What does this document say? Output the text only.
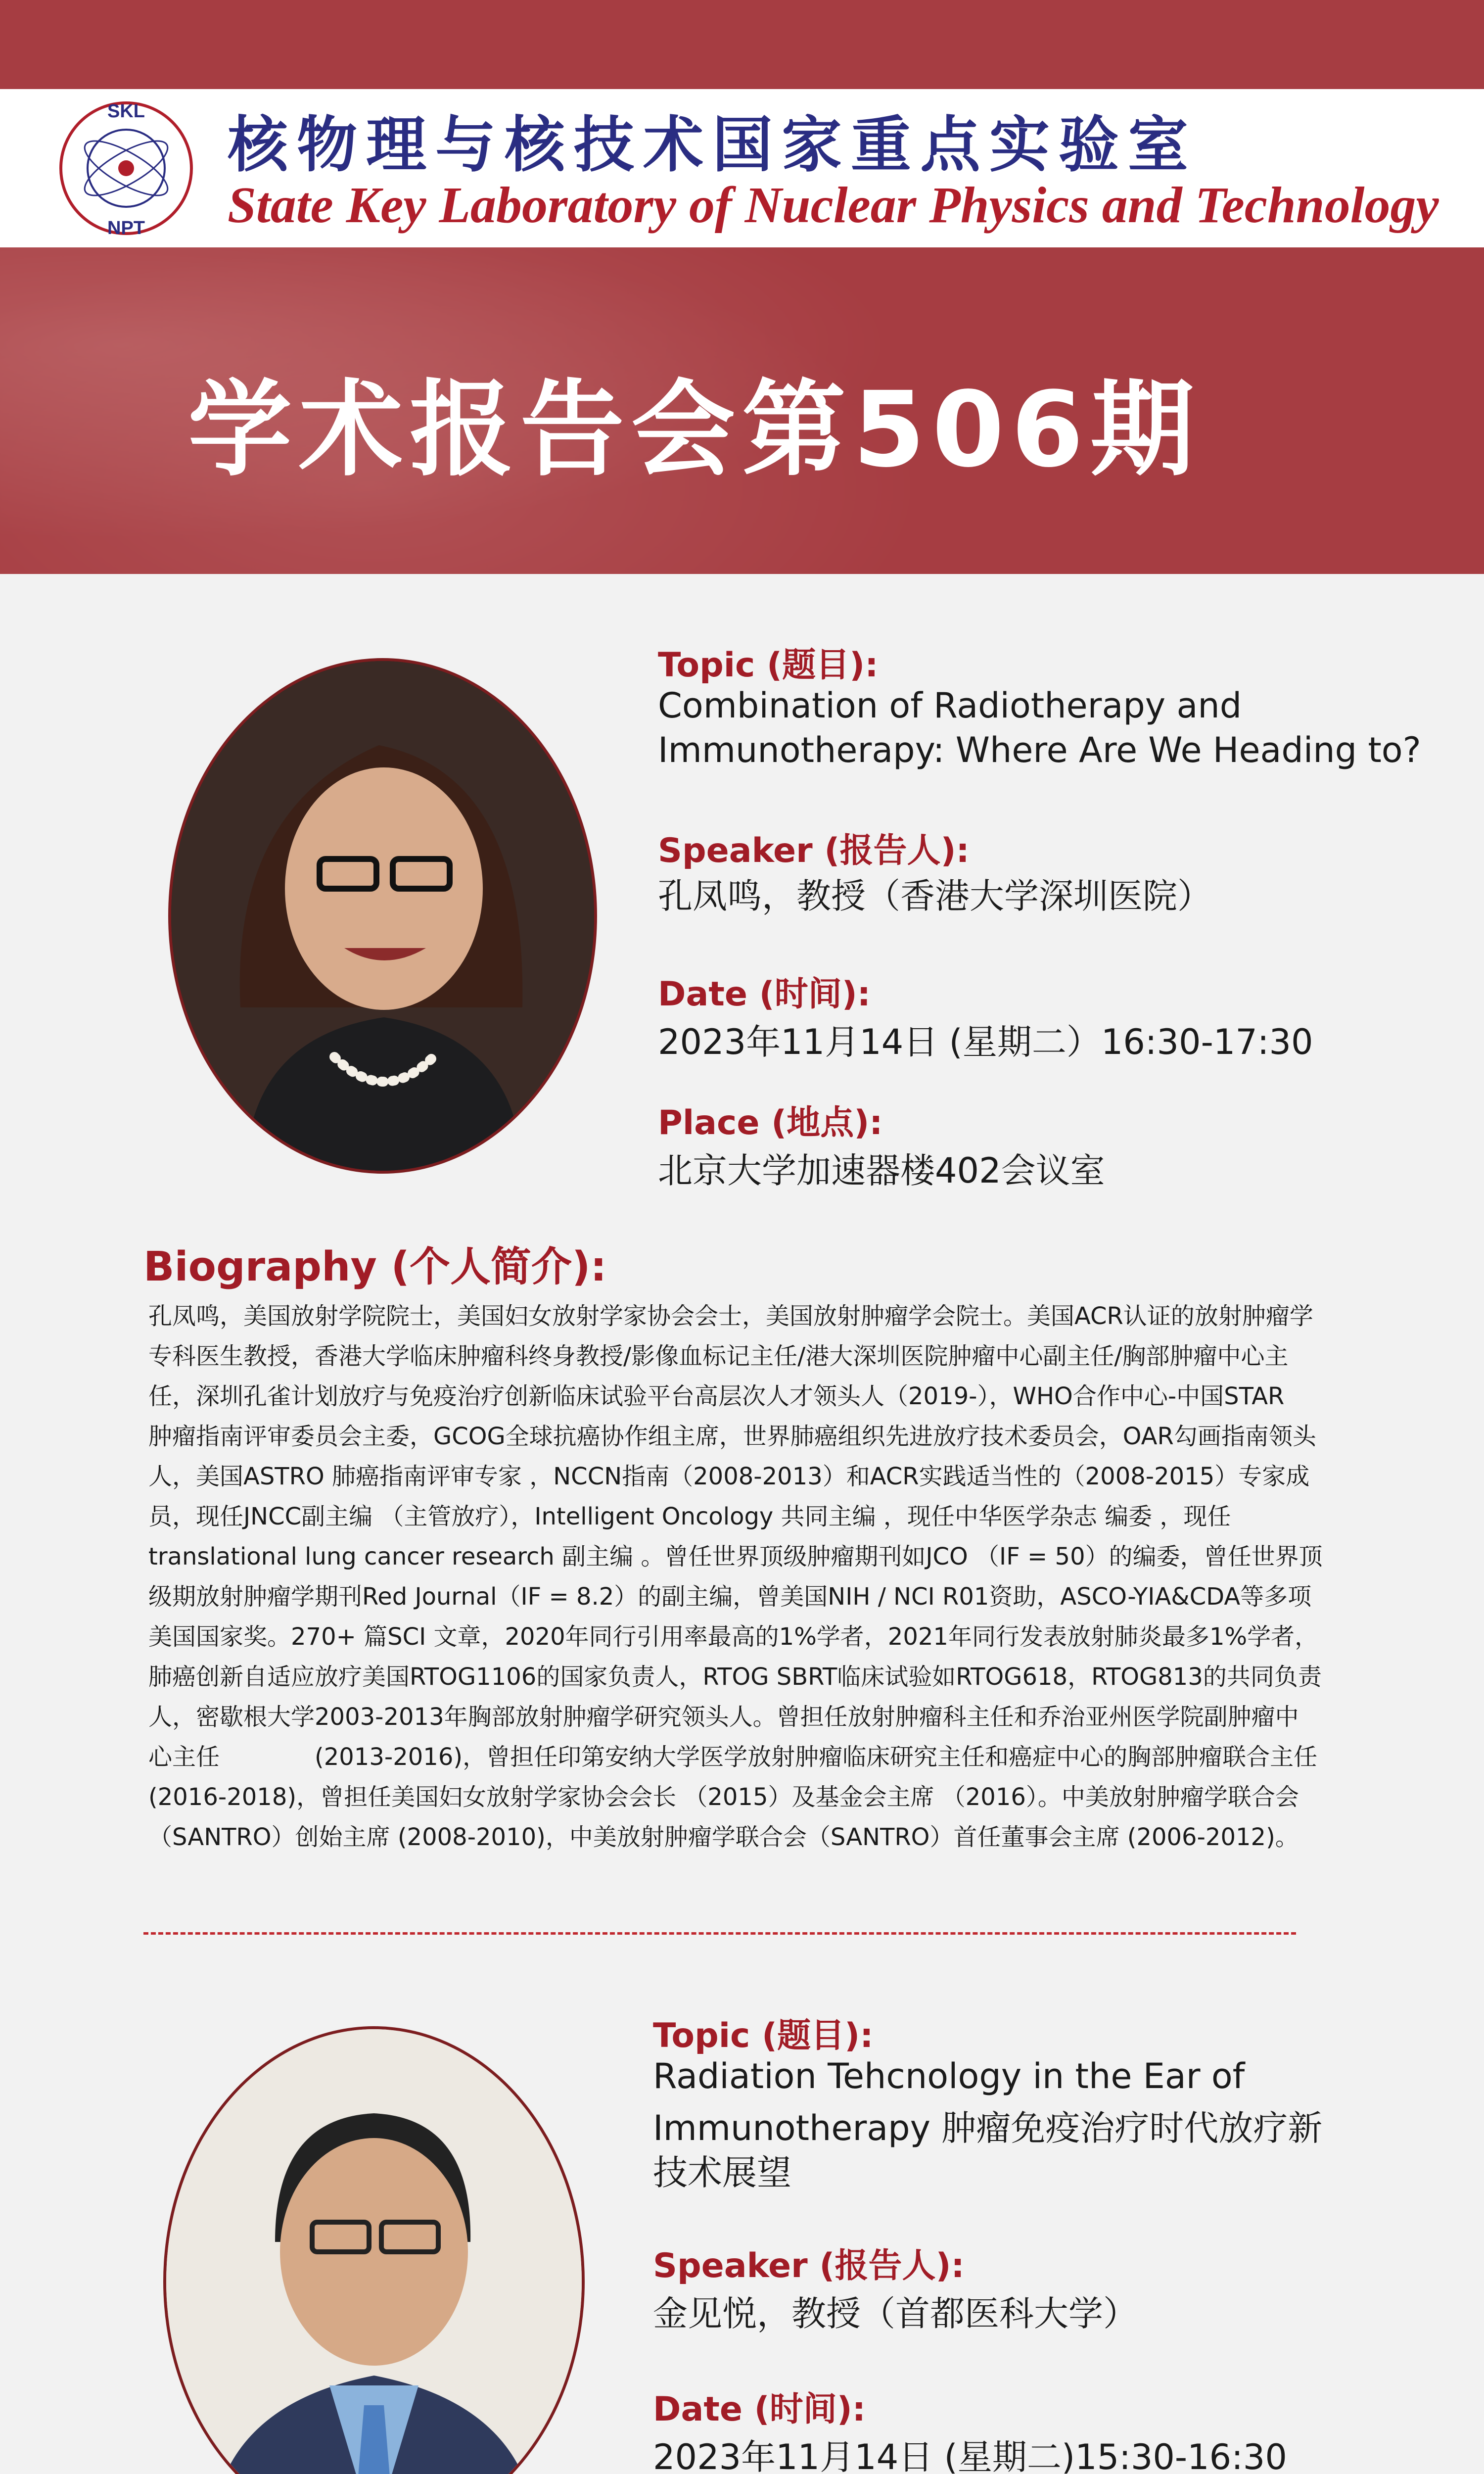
SKL
NPT
核物理与核技术国家重点实验室
State Key Laboratory of Nuclear Physics and Technology
学术报告会第506期
Topic (题目):
Combination of Radiotherapy and
Immunotherapy: Where Are We Heading to?
Speaker (报告人):
孔凤鸣，教授（香港大学深圳医院）
Date (时间):
2023年11月14日 (星期二）16:30-17:30
Place (地点):
北京大学加速器楼402会议室
Biography (个人简介):
孔凤鸣，美国放射学院院士，美国妇女放射学家协会会士，美国放射肿瘤学会院士。美国ACR认证的放射肿瘤学
专科医生教授，香港大学临床肿瘤科终身教授/影像血标记主任/港大深圳医院肿瘤中心副主任/胸部肿瘤中心主
任，深圳孔雀计划放疗与免疫治疗创新临床试验平台高层次人才领头人（2019-），WHO合作中心-中国STAR
肿瘤指南评审委员会主委，GCOG全球抗癌协作组主席，世界肺癌组织先进放疗技术委员会，OAR勾画指南领头
人，美国ASTRO 肺癌指南评审专家 ，NCCN指南（2008-2013）和ACR实践适当性的（2008-2015）专家成
员，现任JNCC副主编 （主管放疗），Intelligent Oncology 共同主编 ，现任中华医学杂志 编委 ，现任
translational lung cancer research 副主编 。曾任世界顶级肿瘤期刊如JCO （IF = 50）的编委，曾任世界顶
级期放射肿瘤学期刊Red Journal（IF = 8.2）的副主编，曾美国NIH / NCI R01资助，ASCO-YIA&CDA等多项
美国国家奖。270+ 篇SCI 文章，2020年同行引用率最高的1%学者，2021年同行发表放射肺炎最多1%学者，
肺癌创新自适应放疗美国RTOG1106的国家负责人，RTOG SBRT临床试验如RTOG618，RTOG813的共同负责
人，密歇根大学2003-2013年胸部放射肿瘤学研究领头人。曾担任放射肿瘤科主任和乔治亚州医学院副肿瘤中
心主任　　　　(2013-2016)，曾担任印第安纳大学医学放射肿瘤临床研究主任和癌症中心的胸部肿瘤联合主任
(2016-2018)，曾担任美国妇女放射学家协会会长 （2015）及基金会主席 （2016）。中美放射肿瘤学联合会
（SANTRO）创始主席 (2008-2010)，中美放射肿瘤学联合会（SANTRO）首任董事会主席 (2006-2012)。
Topic (题目):
Radiation Tehcnology in the Ear of
Immunotherapy 肿瘤免疫治疗时代放疗新
技术展望
Speaker (报告人):
金见悦，教授（首都医科大学）
Date (时间):
2023年11月14日 (星期二)15:30-16:30
